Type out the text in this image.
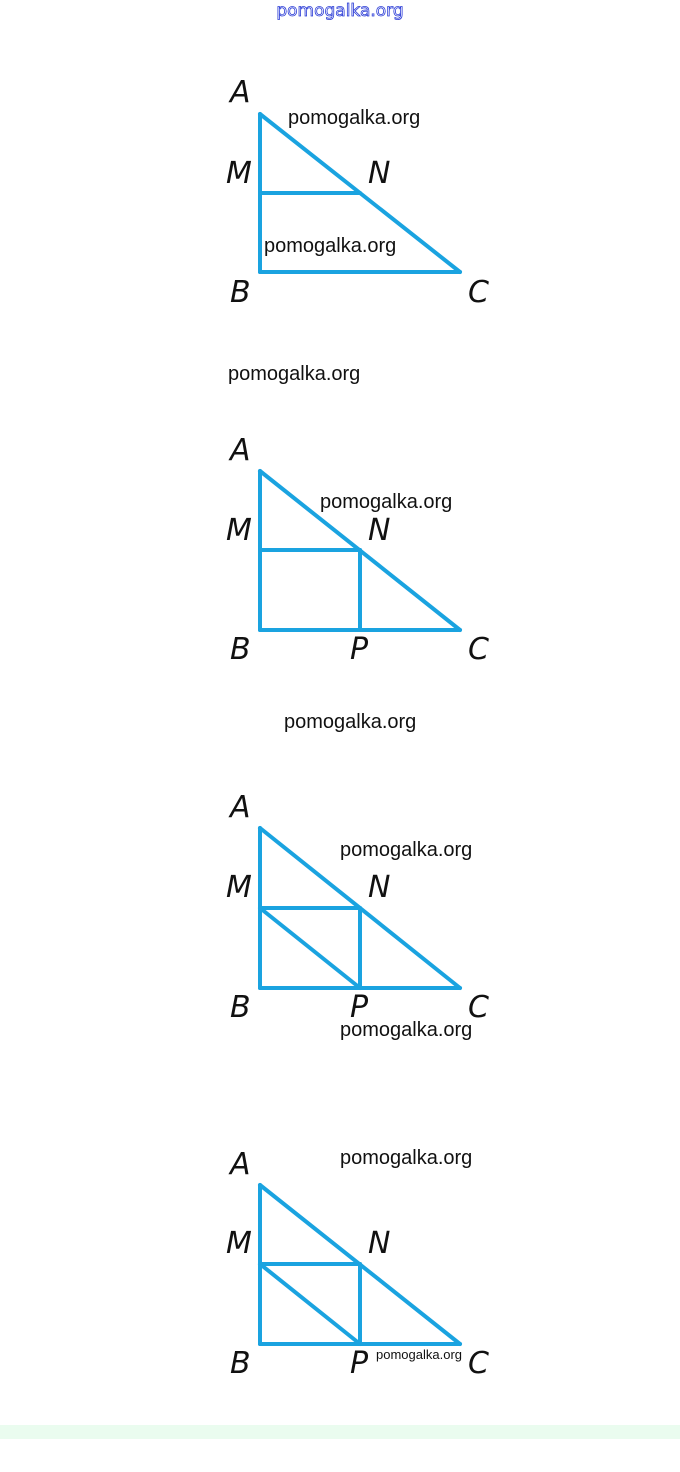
pomogalka.org
A
M	N
B	C
pomogalka.org
pomogalka.org
pomogalka.org
A
M	N
B	P	C
pomogalka.org
pomogalka.org
A
M	N
B	P	C
pomogalka.org
pomogalka.org
A
M	N
B	P	C
pomogalka.org
pomogalka.org
